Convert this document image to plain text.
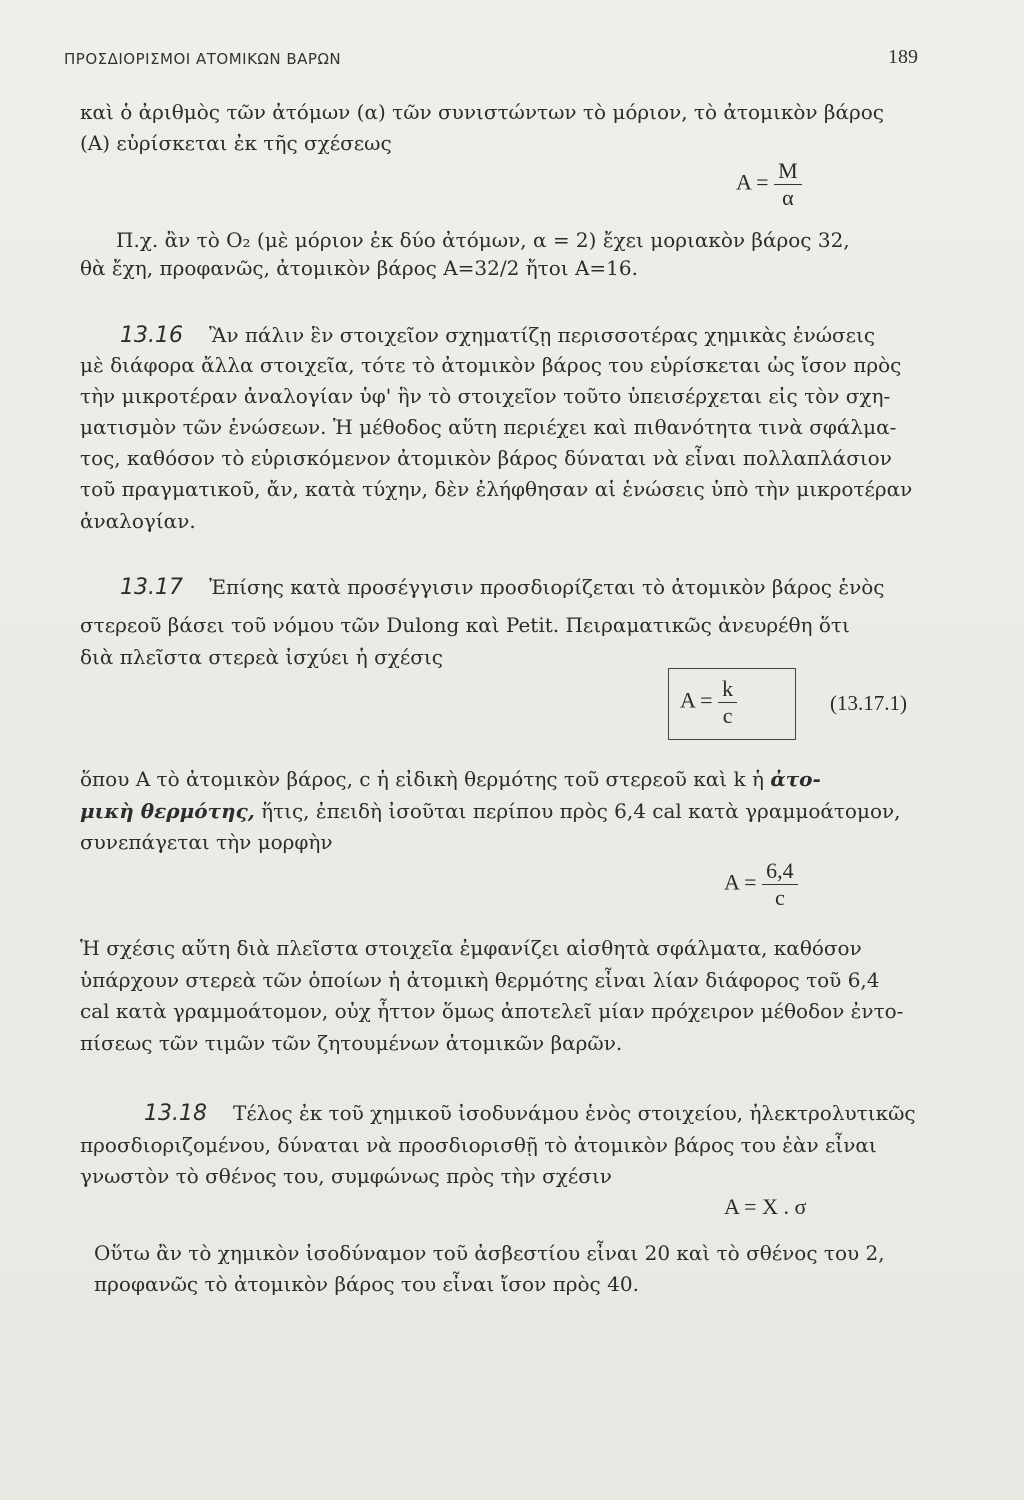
ΠΡΟΣΔΙΟΡΙΣΜΟΙ ΑΤΟΜΙΚΩΝ ΒΑΡΩΝ	189
καὶ ὁ ἀριθμὸς τῶν ἀτόμων (α) τῶν συνιστώντων τὸ μόριον, τὸ ἀτομικὸν βάρος
(Α) εὑρίσκεται ἐκ τῆς σχέσεως
$A = \frac{M}{\alpha}$
Π.χ. ἂν τὸ O₂ (μὲ μόριον ἐκ δύο ἀτόμων, α = 2) ἔχει μοριακὸν βάρος 32,
θὰ ἔχη, προφανῶς, ἀτομικὸν βάρος Α=32/2 ἤτοι Α=16.
13.16 Ἂν πάλιν ἓν στοιχεῖον σχηματίζῃ περισσοτέρας χημικὰς ἑνώσεις
μὲ διάφορα ἄλλα στοιχεῖα, τότε τὸ ἀτομικὸν βάρος του εὑρίσκεται ὡς ἴσον πρὸς
τὴν μικροτέραν ἀναλογίαν ὑφ' ἣν τὸ στοιχεῖον τοῦτο ὑπεισέρχεται εἰς τὸν σχη-
ματισμὸν τῶν ἑνώσεων. Ἡ μέθοδος αὕτη περιέχει καὶ πιθανότητα τινὰ σφάλμα-
τος, καθόσον τὸ εὑρισκόμενον ἀτομικὸν βάρος δύναται νὰ εἶναι πολλαπλάσιον
τοῦ πραγματικοῦ, ἄν, κατὰ τύχην, δὲν ἐλήφθησαν αἱ ἑνώσεις ὑπὸ τὴν μικροτέραν
ἀναλογίαν.
13.17 Ἐπίσης κατὰ προσέγγισιν προσδιορίζεται τὸ ἀτομικὸν βάρος ἑνὸς
στερεοῦ βάσει τοῦ νόμου τῶν Dulong καὶ Petit. Πειραματικῶς ἀνευρέθη ὅτι
διὰ πλεῖστα στερεὰ ἰσχύει ἡ σχέσις
$A = \frac{k}{c}$	(13.17.1)
ὅπου Α τὸ ἀτομικὸν βάρος, c ἡ εἰδικὴ θερμότης τοῦ στερεοῦ καὶ k ἡ ἀτο-
μικὴ θερμότης, ἥτις, ἐπειδὴ ἰσοῦται περίπου πρὸς 6,4 cal κατὰ γραμμοάτομον,
συνεπάγεται τὴν μορφὴν
$A = \frac{6,4}{c}$
Ἡ σχέσις αὕτη διὰ πλεῖστα στοιχεῖα ἐμφανίζει αἰσθητὰ σφάλματα, καθόσον
ὑπάρχουν στερεὰ τῶν ὁποίων ἡ ἀτομικὴ θερμότης εἶναι λίαν διάφορος τοῦ 6,4
cal κατὰ γραμμοάτομον, οὐχ ἧττον ὅμως ἀποτελεῖ μίαν πρόχειρον μέθοδον ἐντο-
πίσεως τῶν τιμῶν τῶν ζητουμένων ἀτομικῶν βαρῶν.
13.18 Τέλος ἐκ τοῦ χημικοῦ ἰσοδυνάμου ἑνὸς στοιχείου, ἠλεκτρολυτικῶς
προσδιοριζομένου, δύναται νὰ προσδιορισθῇ τὸ ἀτομικὸν βάρος του ἐὰν εἶναι
γνωστὸν τὸ σθένος του, συμφώνως πρὸς τὴν σχέσιν
A = X . σ
Οὕτω ἂν τὸ χημικὸν ἰσοδύναμον τοῦ ἀσβεστίου εἶναι 20 καὶ τὸ σθένος του 2,
προφανῶς τὸ ἀτομικὸν βάρος του εἶναι ἴσον πρὸς 40.
